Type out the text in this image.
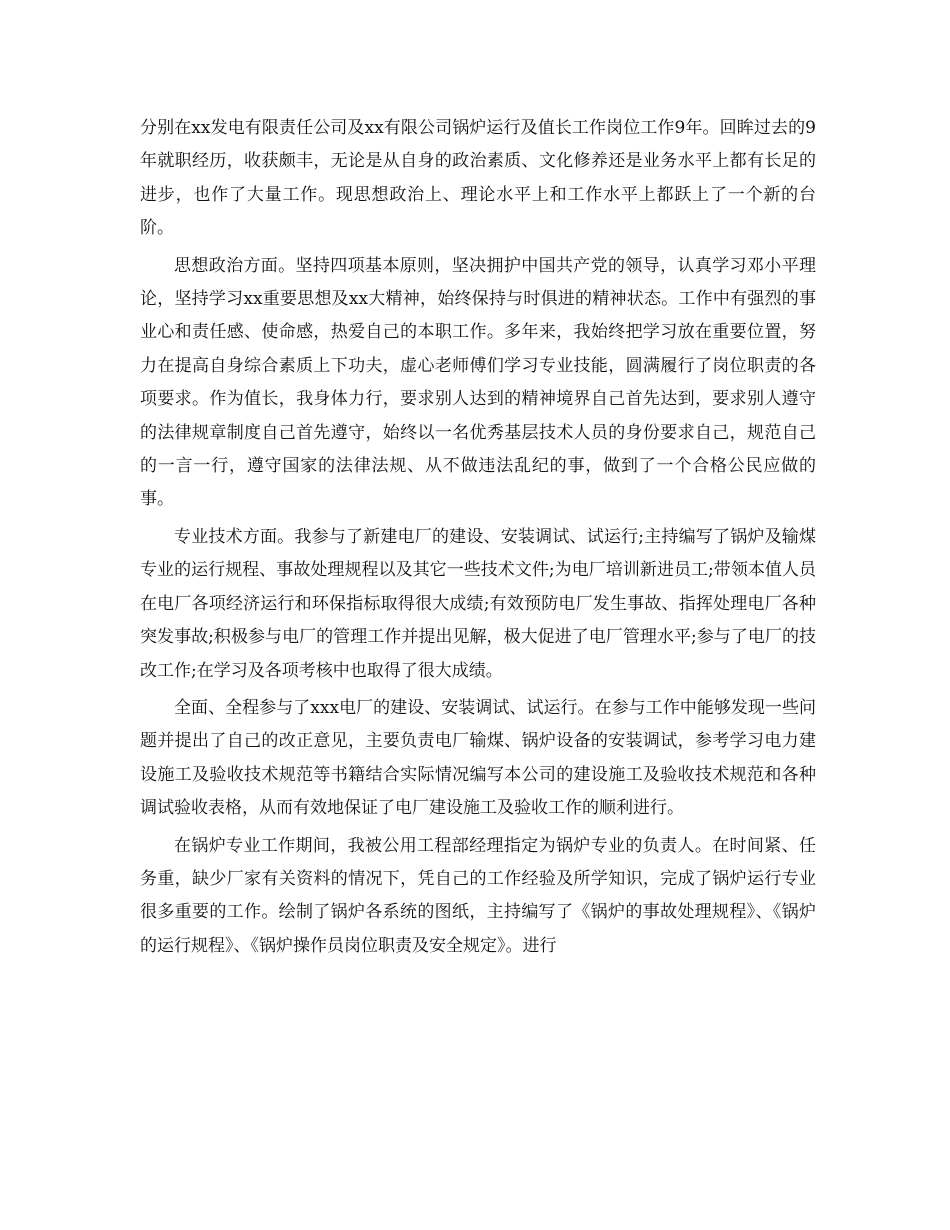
分别在xx发电有限责任公司及xx有限公司锅炉运行及值长工作岗位工作9年。回眸过去的9年就职经历，收获颇丰，无论是从自身的政治素质、文化修养还是业务水平上都有长足的进步，也作了大量工作。现思想政治上、理论水平上和工作水平上都跃上了一个新的台阶。

思想政治方面。坚持四项基本原则，坚决拥护中国共产党的领导，认真学习邓小平理论，坚持学习xx重要思想及xx大精神，始终保持与时俱进的精神状态。工作中有强烈的事业心和责任感、使命感，热爱自己的本职工作。多年来，我始终把学习放在重要位置，努力在提高自身综合素质上下功夫，虚心老师傅们学习专业技能，圆满履行了岗位职责的各项要求。作为值长，我身体力行，要求别人达到的精神境界自己首先达到，要求别人遵守的法律规章制度自己首先遵守，始终以一名优秀基层技术人员的身份要求自己，规范自己的一言一行，遵守国家的法律法规、从不做违法乱纪的事，做到了一个合格公民应做的事。

专业技术方面。我参与了新建电厂的建设、安装调试、试运行;主持编写了锅炉及输煤专业的运行规程、事故处理规程以及其它一些技术文件;为电厂培训新进员工;带领本值人员在电厂各项经济运行和环保指标取得很大成绩;有效预防电厂发生事故、指挥处理电厂各种突发事故;积极参与电厂的管理工作并提出见解，极大促进了电厂管理水平;参与了电厂的技改工作;在学习及各项考核中也取得了很大成绩。

全面、全程参与了xxx电厂的建设、安装调试、试运行。在参与工作中能够发现一些问题并提出了自己的改正意见，主要负责电厂输煤、锅炉设备的安装调试，参考学习电力建设施工及验收技术规范等书籍结合实际情况编写本公司的建设施工及验收技术规范和各种调试验收表格，从而有效地保证了电厂建设施工及验收工作的顺利进行。

在锅炉专业工作期间，我被公用工程部经理指定为锅炉专业的负责人。在时间紧、任务重，缺少厂家有关资料的情况下，凭自己的工作经验及所学知识，完成了锅炉运行专业很多重要的工作。绘制了锅炉各系统的图纸，主持编写了《锅炉的事故处理规程》、《锅炉的运行规程》、《锅炉操作员岗位职责及安全规定》。进行
